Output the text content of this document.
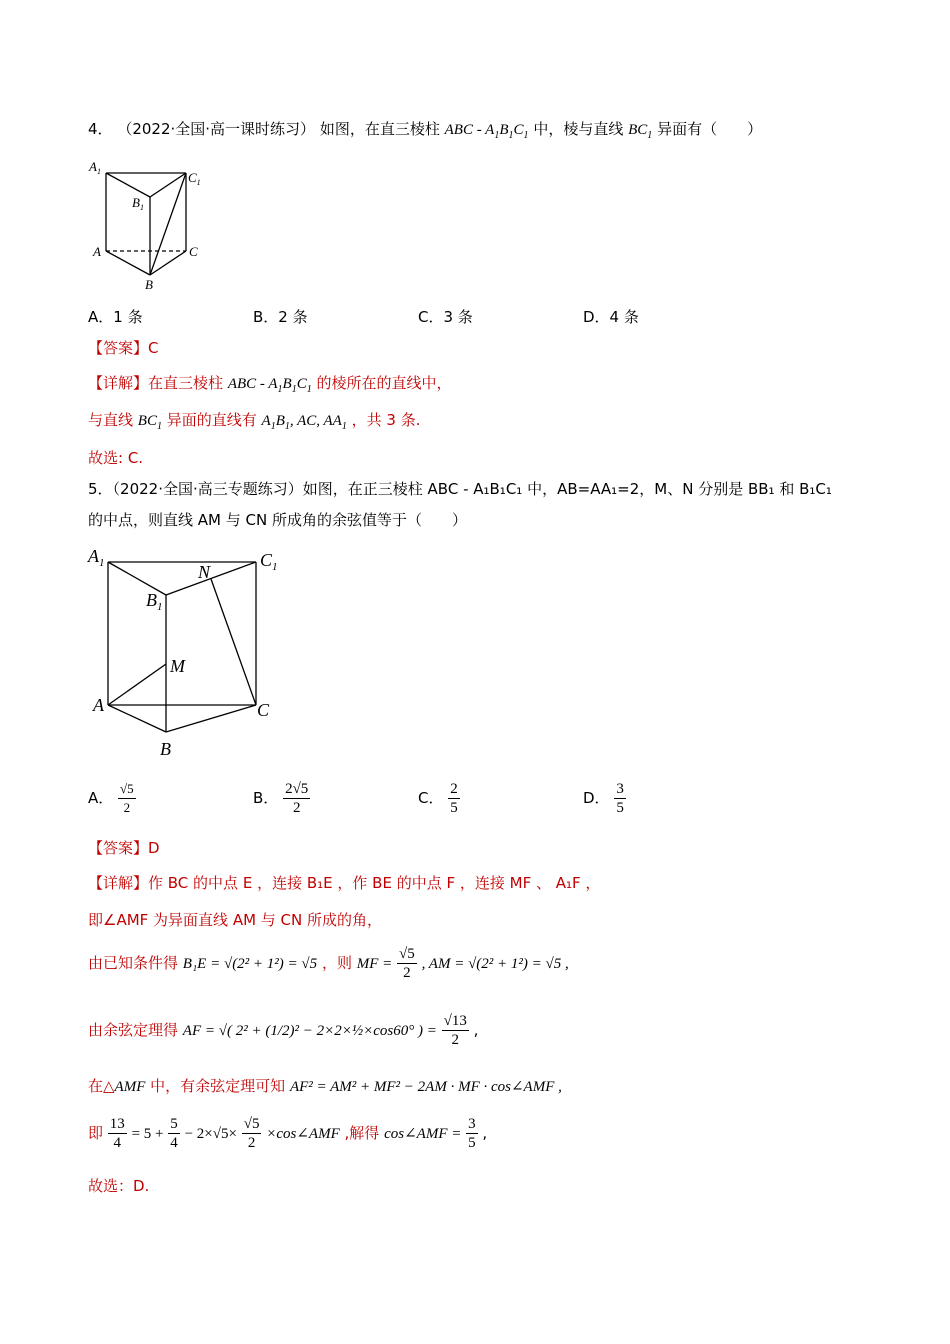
4． （2022·全国·高一课时练习） 如图，在直三棱柱 ABC - $A_1B_1C_1$ 中，棱与直线 $BC_1$ 异面有（　　）
$A_1$	$C_1$
$B_1$
A	C
B
A．1 条	B．2 条	C．3 条	D．4 条
【答案】C
【详解】在直三棱柱 ABC - $A_1B_1C_1$ 的棱所在的直线中，
与直线 $BC_1$ 异面的直线有 $A_1B_1$, AC, $AA_1$ ，共 3 条.
故选: C.
5．（2022·全国·高三专题练习）如图，在正三棱柱 ABC - A₁B₁C₁ 中，AB=AA₁=2，M、N 分别是 BB₁ 和 B₁C₁
的中点，则直线 AM 与 CN 所成角的余弦值等于（　　）
$A_1$	$C_1$
$B_1$
N
M
A	C
B
A． $\frac{√5}{2}$	B． $\frac{2√5}{2}$	C． $\frac{2}{5}$	D． $\frac{3}{5}$
【答案】D
【详解】作 BC 的中点 E ，连接 B₁E ，作 BE 的中点 F ，连接 MF 、 A₁F ，
即∠AMF 为异面直线 AM 与 CN 所成的角，
由已知条件得 B₁E = √(2² + 1²) = √5 ，则 MF = $\frac{√5}{2}$ , AM = √(2² + 1²) = √5 ,
由余弦定理得 AF = √( 2² + (1/2)² − 2×2×½×cos60° ) = $\frac{√13}{2}$ ,
在△AMF 中，有余弦定理可知 AF² = AM² + MF² − 2AM · MF · cos∠AMF ,
即 $\frac{13}{4} = 5 + \frac{5}{4} - 2\times√5\times \frac{√5}{2}$ ×cos∠AMF ,解得 cos∠AMF = $\frac{3}{5}$ ,
故选：D.
